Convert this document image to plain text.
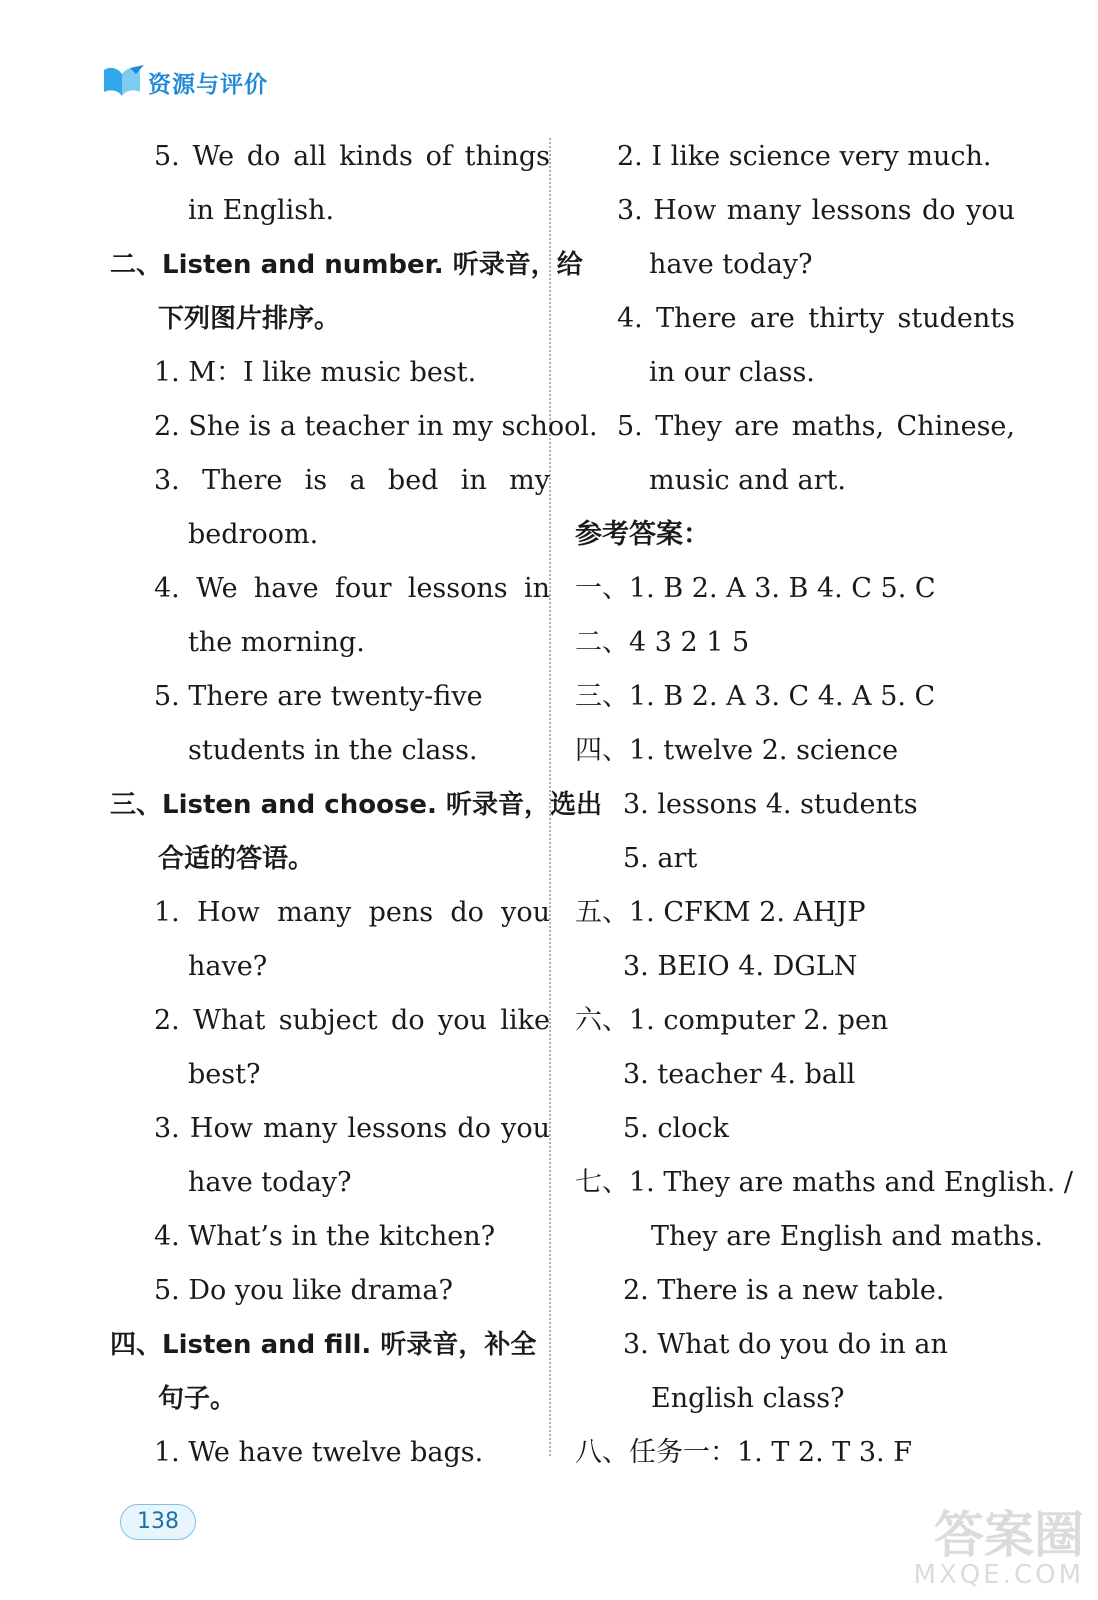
资源与评价
5. We do all kinds of things
in English.
二、Listen and number. 听录音，给
下列图片排序。
1. M：I like music best.
2. She is a teacher in my school.
3. There is a bed in my
bedroom.
4. We have four lessons in
the morning.
5. There are twenty-five
students in the class.
三、Listen and choose. 听录音，选出
合适的答语。
1. How many pens do you
have?
2. What subject do you like
best?
3. How many lessons do you
have today?
4. What’s in the kitchen?
5. Do you like drama?
四、Listen and fill. 听录音，补全
句子。
1. We have twelve bags.
2. I like science very much.
3. How many lessons do you
have today?
4. There are thirty students
in our class.
5. They are maths, Chinese,
music and art.
参考答案：
一、1. B 2. A 3. B 4. C 5. C
二、4 3 2 1 5
三、1. B 2. A 3. C 4. A 5. C
四、1. twelve 2. science
3. lessons 4. students
5. art
五、1. CFKM 2. AHJP
3. BEIO 4. DGLN
六、1. computer 2. pen
3. teacher 4. ball
5. clock
七、1. They are maths and English. /
They are English and maths.
2. There is a new table.
3. What do you do in an
English class?
八、任务一：1. T 2. T 3. F
138	答案圈
MXQE.COM
